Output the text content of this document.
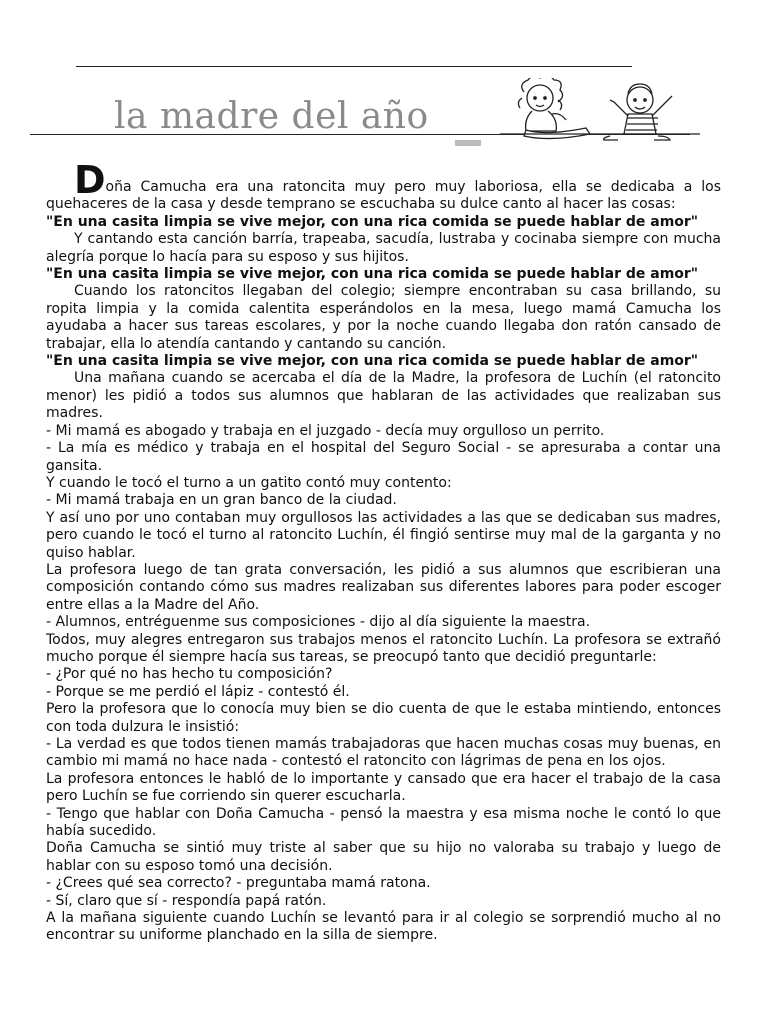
la madre del año

Doña Camucha era una ratoncita muy pero muy laboriosa, ella se dedicaba a los quehaceres de la casa y desde temprano se escuchaba su dulce canto al hacer las cosas:

"En una casita limpia se vive mejor, con una rica comida se puede hablar de amor"

Y cantando esta canción barría, trapeaba, sacudía, lustraba y cocinaba siempre con mucha alegría porque lo hacía para su esposo y sus hijitos.

"En una casita limpia se vive mejor, con una rica comida se puede hablar de amor"

Cuando los ratoncitos llegaban del colegio; siempre encontraban su casa brillando, su ropita limpia y la comida calentita esperándolos en la mesa, luego mamá Camucha los ayudaba a hacer sus tareas escolares, y por la noche cuando llegaba don ratón cansado de trabajar, ella lo atendía cantando y cantando su canción.

"En una casita limpia se vive mejor, con una rica comida se puede hablar de amor"

Una mañana cuando se acercaba el día de la Madre, la profesora de Luchín (el ratoncito menor) les pidió a todos sus alumnos que hablaran de las actividades que realizaban sus madres.

- Mi mamá es abogado y trabaja en el juzgado - decía muy orgulloso un perrito.

- La mía es médico y trabaja en el hospital del Seguro Social - se apresuraba a contar una gansita.

Y cuando le tocó el turno a un gatito contó muy contento:

- Mi mamá trabaja en un gran banco de la ciudad.

Y así uno por uno contaban muy orgullosos las actividades a las que se dedicaban sus madres, pero cuando le tocó el turno al ratoncito Luchín, él fingió sentirse muy mal de la garganta y no quiso hablar.

La profesora luego de tan grata conversación, les pidió a sus alumnos que escribieran una composición contando cómo sus madres realizaban sus diferentes labores para poder escoger entre ellas a la Madre del Año.

- Alumnos, entréguenme sus composiciones - dijo al día siguiente la maestra.

Todos, muy alegres entregaron sus trabajos menos el ratoncito Luchín. La profesora se extrañó mucho porque él siempre hacía sus tareas, se preocupó tanto que decidió preguntarle:

- ¿Por qué no has hecho tu composición?

- Porque se me perdió el lápiz - contestó él.

Pero la profesora que lo conocía muy bien se dio cuenta de que le estaba mintiendo, entonces con toda dulzura le insistió:

- La verdad es que todos tienen mamás trabajadoras que hacen muchas cosas muy buenas, en cambio mi mamá no hace nada - contestó el ratoncito con lágrimas de pena en los ojos.

La profesora entonces le habló de lo importante y cansado que era hacer el trabajo de la casa pero Luchín se fue corriendo sin querer escucharla.

- Tengo que hablar con Doña Camucha - pensó la maestra y esa misma noche le contó lo que había sucedido.

Doña Camucha se sintió muy triste al saber que su hijo no valoraba su trabajo y luego de hablar con su esposo tomó una decisión.

- ¿Crees qué sea correcto? - preguntaba mamá ratona.

- Sí, claro que sí - respondía papá ratón.

A la mañana siguiente cuando Luchín se levantó para ir al colegio se sorprendió mucho al no encontrar su uniforme planchado en la silla de siempre.
